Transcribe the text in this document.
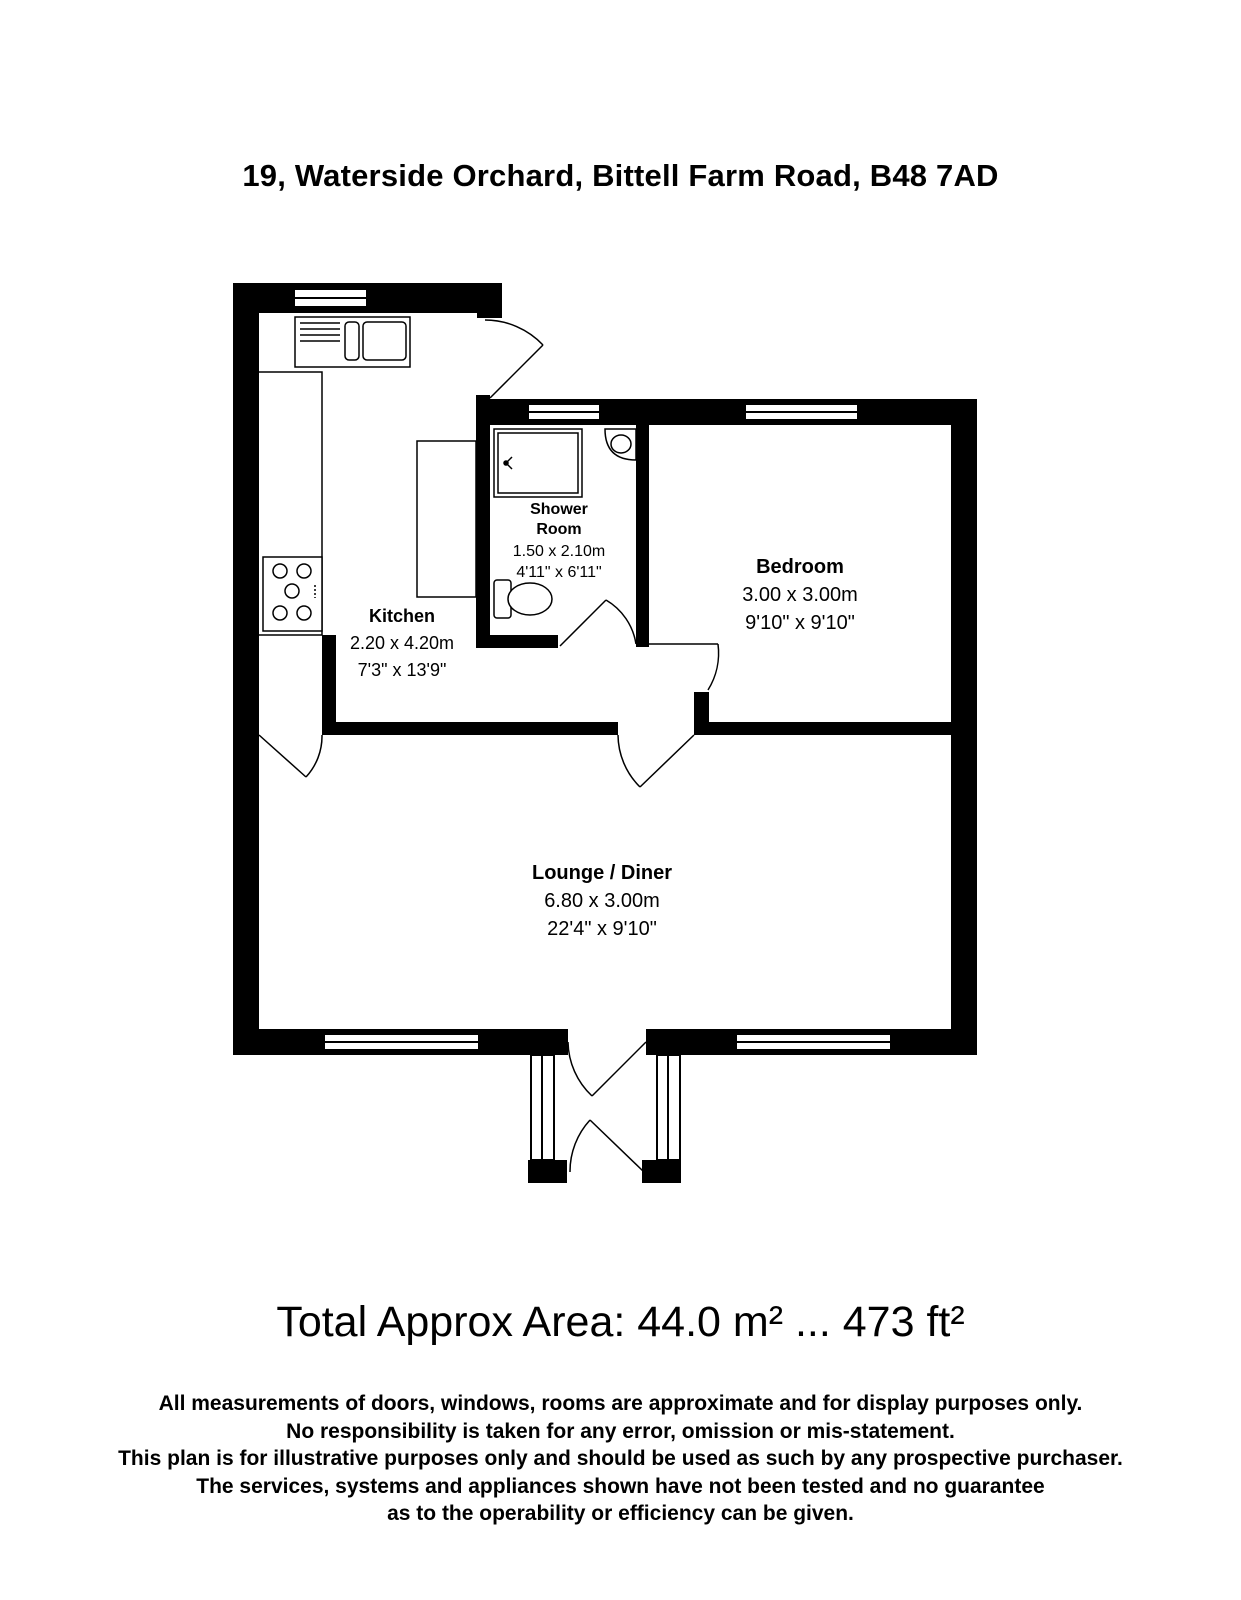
19, Waterside Orchard, Bittell Farm Road, B48 7AD
Kitchen
2.20 x 4.20m
7'3" x 13'9"
Shower
Room
1.50 x 2.10m
4'11" x 6'11"	Bedroom
3.00 x 3.00m
9'10" x 9'10"
Lounge / Diner
6.80 x 3.00m
22'4" x 9'10"
Total Approx Area: 44.0 m² ... 473 ft²
All measurements of doors, windows, rooms are approximate and for display purposes only.
No responsibility is taken for any error, omission or mis-statement.
This plan is for illustrative purposes only and should be used as such by any prospective purchaser.
The services, systems and appliances shown have not been tested and no guarantee
as to the operability or efficiency can be given.
